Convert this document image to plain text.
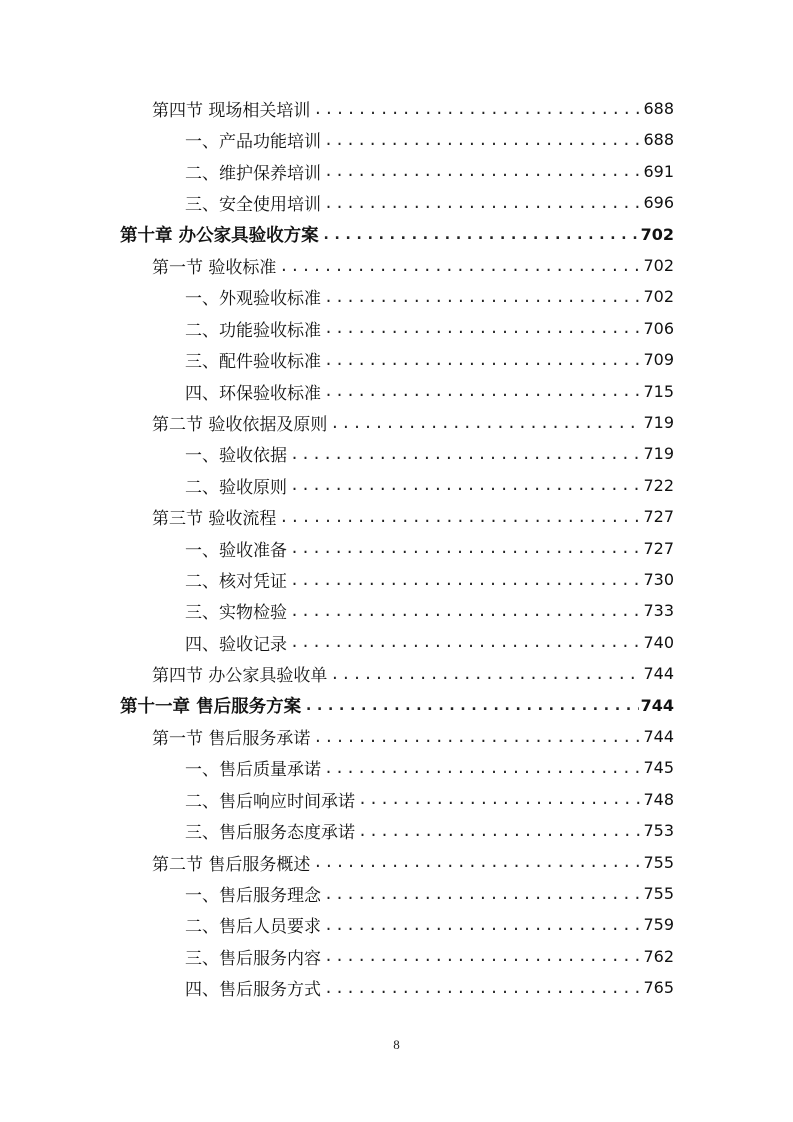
第四节 现场相关培训 .....	688
一、产品功能培训 .....	688
二、维护保养培训 .....	691
三、安全使用培训 .....	696
第十章 办公家具验收方案 .....	702
第一节 验收标准 .....	702
一、外观验收标准 .....	702
二、功能验收标准 .....	706
三、配件验收标准 .....	709
四、环保验收标准 .....	715
第二节 验收依据及原则 .....	719
一、验收依据 .....	719
二、验收原则 .....	722
第三节 验收流程 .....	727
一、验收准备 .....	727
二、核对凭证 .....	730
三、实物检验 .....	733
四、验收记录 .....	740
第四节 办公家具验收单 .....	744
第十一章 售后服务方案 .....	744
第一节 售后服务承诺 .....	744
一、售后质量承诺 .....	745
二、售后响应时间承诺 .....	748
三、售后服务态度承诺 .....	753
第二节 售后服务概述 .....	755
一、售后服务理念 .....	755
二、售后人员要求 .....	759
三、售后服务内容 .....	762
四、售后服务方式 .....	765
8
